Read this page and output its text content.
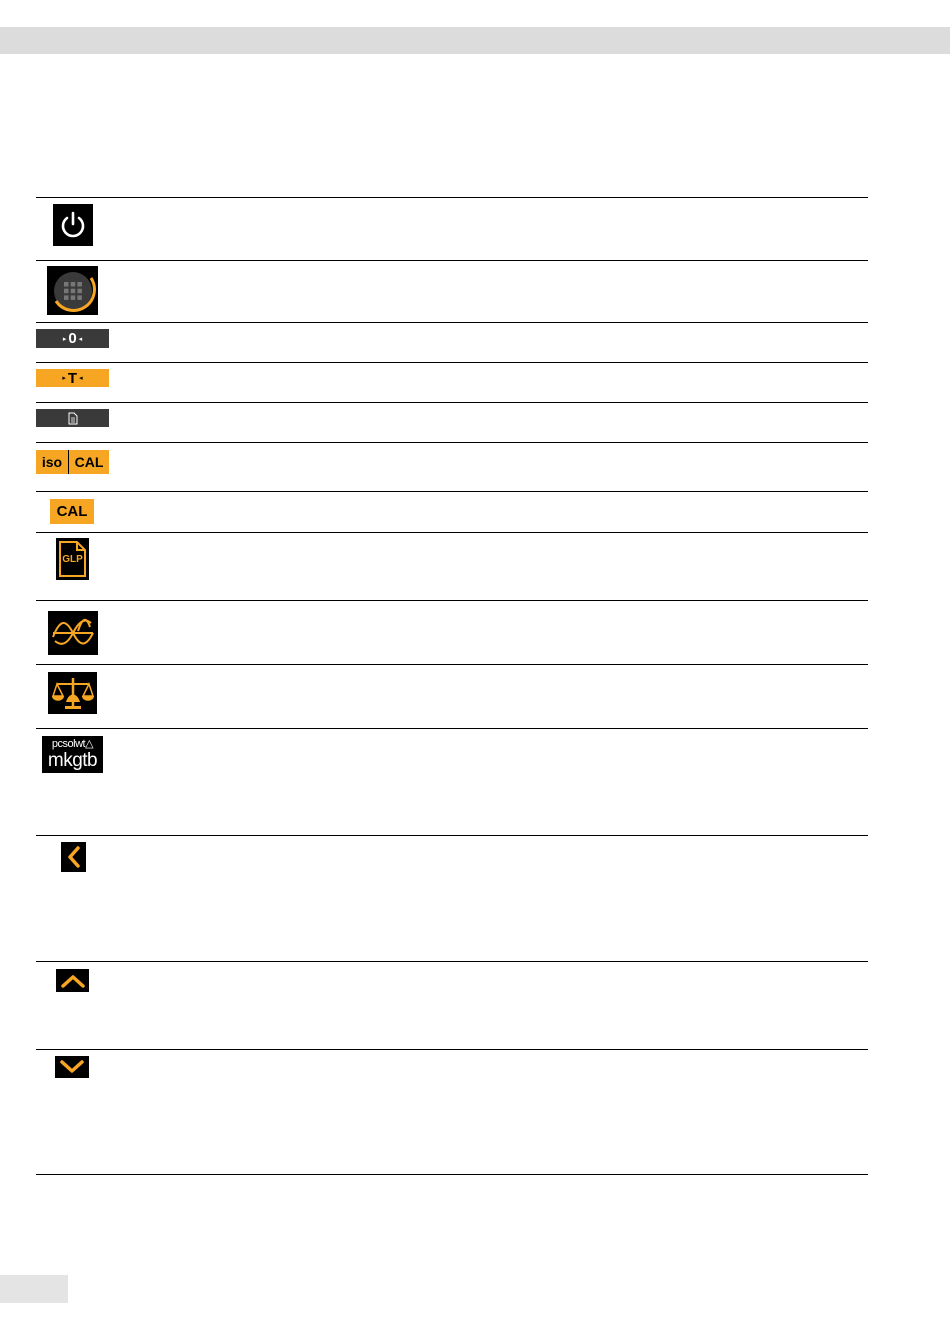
▸ 0 ◂
▸ T ◂
iso CAL
CAL
GLP
pcsolwt△
mkgtb
